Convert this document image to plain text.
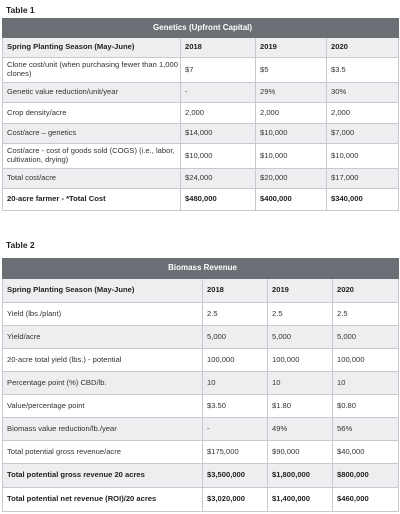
Table 1
Genetics (Upfront Capital)			
Spring Planting Season (May-June)	2018	2019	2020
Clone cost/unit (when purchasing fewer than 1,000 clones)	$7	$5	$3.5
Genetic value reduction/unit/year	-	29%	30%
Crop density/acre	2,000	2,000	2,000
Cost/acre – genetics	$14,000	$10,000	$7,000
Cost/acre - cost of goods sold (COGS) (i.e., labor, cultivation, drying)	$10,000	$10,000	$10,000
Total cost/acre	$24,000	$20,000	$17,000
20-acre farmer - *Total Cost	$480,000	$400,000	$340,000
Table 2
Biomass Revenue			
Spring Planting Season (May-June)	2018	2019	2020
Yield (lbs./plant)	2.5	2.5	2.5
Yield/acre	5,000	5,000	5,000
20-acre total yield (lbs.) - potential	100,000	100,000	100,000
Percentage point (%) CBD/lb.	10	10	10
Value/percentage point	$3.50	$1.80	$0.80
Biomass value reduction/lb./year	-	49%	56%
Total potential gross revenue/acre	$175,000	$90,000	$40,000
Total potential gross revenue 20 acres	$3,500,000	$1,800,000	$800,000
Total potential net revenue (ROI)/20 acres	$3,020,000	$1,400,000	$460,000
